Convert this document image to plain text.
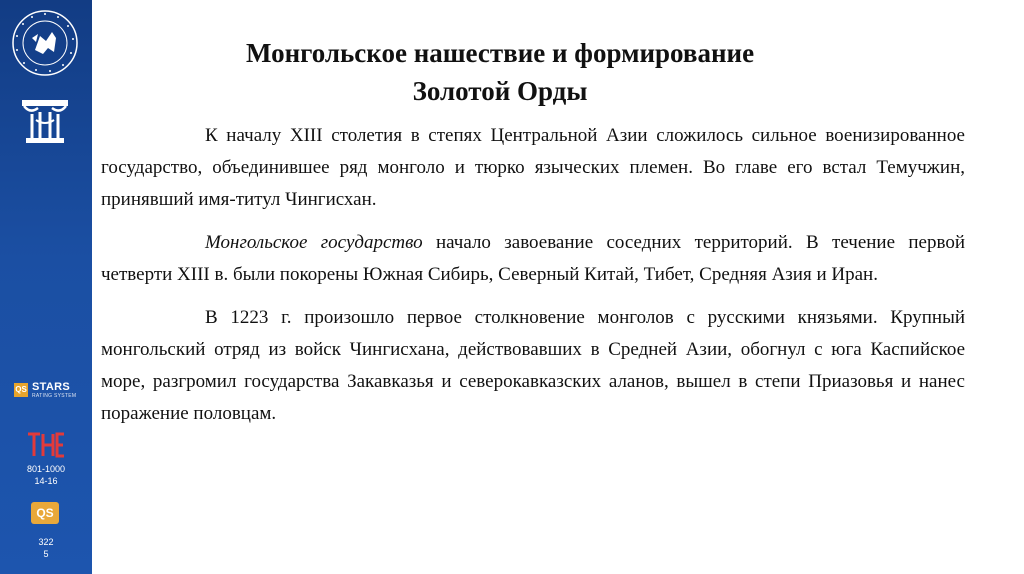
QS STARS
RATING SYSTEM
801-1000
14-16
QS
322
5
Монгольское нашествие и формирование
Золотой Орды

К началу XIII столетия в степях Центральной Азии сложилось сильное военизированное государство, объединившее ряд монголо и тюрко языческих племен. Во главе его встал Темучжин, принявший имя-титул Чингисхан.

Монгольское государство начало завоевание соседних территорий. В течение первой четверти XIII в. были покорены Южная Сибирь, Северный Китай, Тибет, Средняя Азия и Иран.

В 1223 г. произошло первое столкновение монголов с русскими князьями. Крупный монгольский отряд из войск Чингисхана, действовавших в Средней Азии, обогнул с юга Каспийское море, разгромил государства Закавказья и северокавказских аланов, вышел в степи Приазовья и нанес поражение половцам.
